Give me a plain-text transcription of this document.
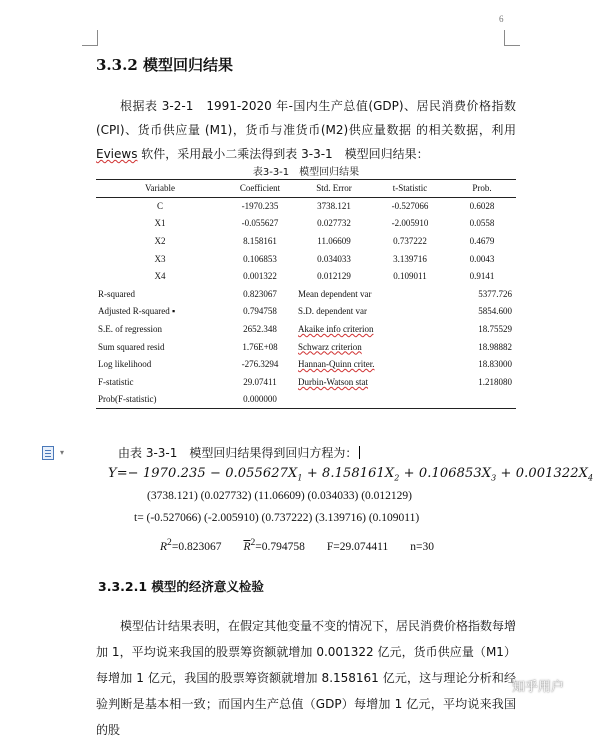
6
3.3.2 模型回归结果

根据表 3-2-1　1991-2020 年-国内生产总值(GDP)、居民消费价格指数(CPI)、货币供应量 (M1)，货币与准货币(M2)供应量数据 的相关数据，利用 Eviews 软件，采用最小二乘法得到表 3-3-1　模型回归结果：

表3-3-1　模型回归结果
Variable	Coefficient	Std. Error	t-Statistic	Prob.
C	-1970.235	3738.121	-0.527066	0.6028
X1	-0.055627	0.027732	-2.005910	0.0558
X2	8.158161	11.06609	0.737222	0.4679
X3	0.106853	0.034033	3.139716	0.0043
X4	0.001322	0.012129	0.109011	0.9141
R-squared	0.823067	Mean dependent var		5377.726
Adjusted R-squared ▪	0.794758	S.D. dependent var		5854.600
S.E. of regression	2652.348	Akaike info criterion		18.75529
Sum squared resid	1.76E+08	Schwarz criterion		18.98882
Log likelihood	-276.3294	Hannan-Quinn criter.		18.83000
F-statistic	29.07411	Durbin-Watson stat		1.218080
Prob(F-statistic)	0.000000			
▾	由表 3-3-1　模型回归结果得到回归方程为：
$Y=- 1970.235 - 0.055627X_1 + 8.158161X_2 + 0.106853X_3 + 0.001322X_4$
(3738.121) (0.027732) (11.06609) (0.034033) (0.012129)
t= (-0.527066) (-2.005910) (0.737222) (3.139716) (0.109011)
$R^2=0.823067$ $\overline{R}^2=0.794758$ F=29.074411 n=30
3.3.2.1 模型的经济意义检验

模型估计结果表明，在假定其他变量不变的情况下，居民消费价格指数每增加 1，平均说来我国的股票筹资额就增加 0.001322 亿元，货币供应量（M1）每增加 1 亿元，我国的股票筹资额就增加 8.158161 亿元，这与理论分析和经验判断是基本相一致；而国内生产总值（GDP）每增加 1 亿元，平均说来我国的股

知乎用户
